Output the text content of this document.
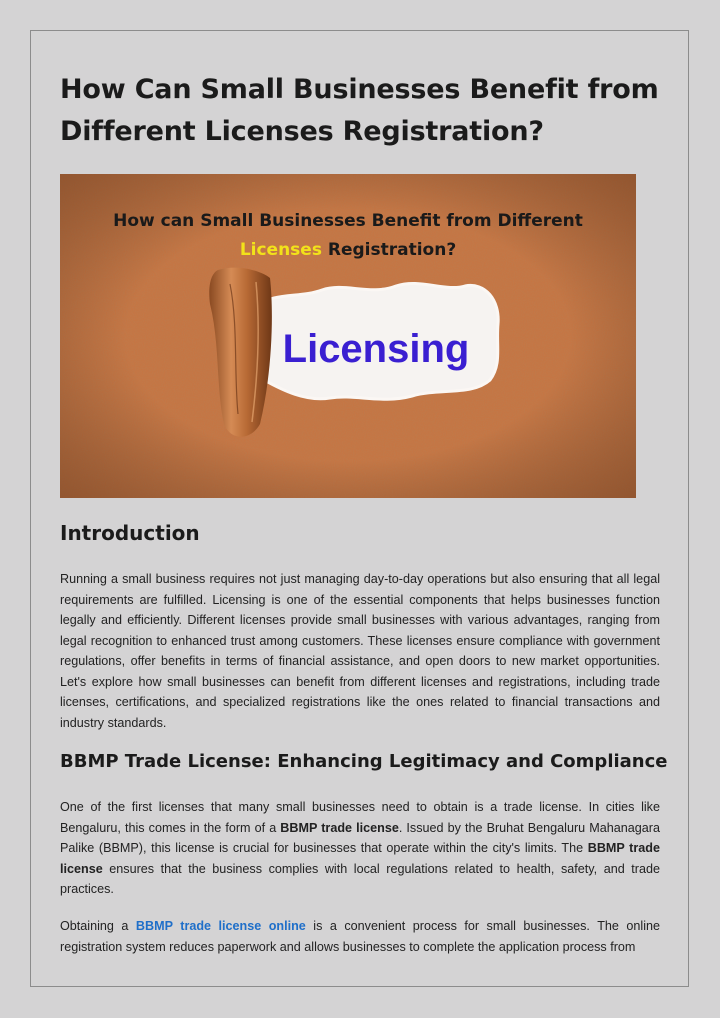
How Can Small Businesses Benefit from Different Licenses Registration?
How can Small Businesses Benefit from Different
Licenses Registration?
Licensing
Introduction

Running a small business requires not just managing day-to-day operations but also ensuring that all legal requirements are fulfilled. Licensing is one of the essential components that helps businesses function legally and efficiently. Different licenses provide small businesses with various advantages, ranging from legal recognition to enhanced trust among customers. These licenses ensure compliance with government regulations, offer benefits in terms of financial assistance, and open doors to new market opportunities. Let's explore how small businesses can benefit from different licenses and registrations, including trade licenses, certifications, and specialized registrations like the ones related to financial transactions and industry standards.

BBMP Trade License: Enhancing Legitimacy and Compliance

One of the first licenses that many small businesses need to obtain is a trade license. In cities like Bengaluru, this comes in the form of a BBMP trade license. Issued by the Bruhat Bengaluru Mahanagara Palike (BBMP), this license is crucial for businesses that operate within the city's limits. The BBMP trade license ensures that the business complies with local regulations related to health, safety, and trade practices.

Obtaining a BBMP trade license online is a convenient process for small businesses. The online registration system reduces paperwork and allows businesses to complete the application process from
